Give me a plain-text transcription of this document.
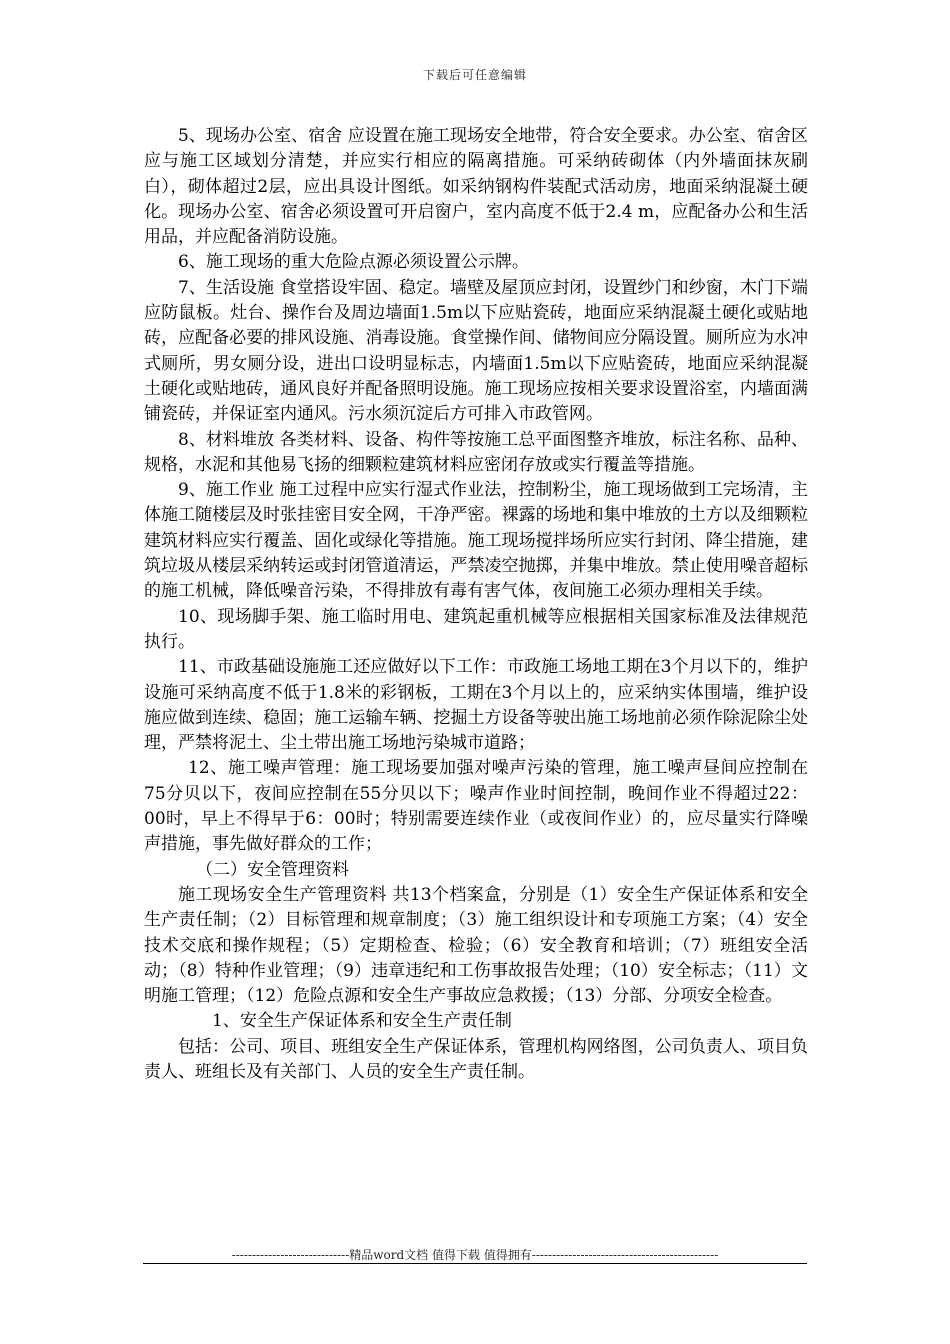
下载后可任意编辑

5、现场办公室、宿舍 应设置在施工现场安全地带，符合安全要求。办公室、宿舍区应与施工区域划分清楚，并应实行相应的隔离措施。可采纳砖砌体（内外墙面抹灰刷白），砌体超过2层，应出具设计图纸。如采纳钢构件装配式活动房，地面采纳混凝土硬化。现场办公室、宿舍必须设置可开启窗户，室内高度不低于2.4 m，应配备办公和生活用品，并应配备消防设施。

6、施工现场的重大危险点源必须设置公示牌。

7、生活设施 食堂搭设牢固、稳定。墙壁及屋顶应封闭，设置纱门和纱窗，木门下端应防鼠板。灶台、操作台及周边墙面1.5m以下应贴瓷砖，地面应采纳混凝土硬化或贴地砖，应配备必要的排风设施、消毒设施。食堂操作间、储物间应分隔设置。厕所应为水冲式厕所，男女厕分设，进出口设明显标志，内墙面1.5m以下应贴瓷砖，地面应采纳混凝土硬化或贴地砖，通风良好并配备照明设施。施工现场应按相关要求设置浴室，内墙面满铺瓷砖，并保证室内通风。污水须沉淀后方可排入市政管网。

8、材料堆放 各类材料、设备、构件等按施工总平面图整齐堆放，标注名称、品种、规格，水泥和其他易飞扬的细颗粒建筑材料应密闭存放或实行覆盖等措施。

9、施工作业 施工过程中应实行湿式作业法，控制粉尘，施工现场做到工完场清，主体施工随楼层及时张挂密目安全网，干净严密。裸露的场地和集中堆放的土方以及细颗粒建筑材料应实行覆盖、固化或绿化等措施。施工现场搅拌场所应实行封闭、降尘措施，建筑垃圾从楼层采纳转运或封闭管道清运，严禁凌空抛掷，并集中堆放。禁止使用噪音超标的施工机械，降低噪音污染，不得排放有毒有害气体，夜间施工必须办理相关手续。

10、现场脚手架、施工临时用电、建筑起重机械等应根据相关国家标准及法律规范执行。

11、市政基础设施施工还应做好以下工作：市政施工场地工期在3个月以下的，维护设施可采纳高度不低于1.8米的彩钢板，工期在3个月以上的，应采纳实体围墙，维护设施应做到连续、稳固；施工运输车辆、挖掘土方设备等驶出施工场地前必须作除泥除尘处理，严禁将泥土、尘土带出施工场地污染城市道路；

12、施工噪声管理：施工现场要加强对噪声污染的管理，施工噪声昼间应控制在75分贝以下，夜间应控制在55分贝以下；噪声作业时间控制，晚间作业不得超过22：00时，早上不得早于6：00时；特别需要连续作业（或夜间作业）的，应尽量实行降噪声措施，事先做好群众的工作；

（二）安全管理资料

施工现场安全生产管理资料 共13个档案盒，分别是（1）安全生产保证体系和安全生产责任制；（2）目标管理和规章制度；（3）施工组织设计和专项施工方案；（4）安全技术交底和操作规程；（5）定期检查、检验；（6）安全教育和培训；（7）班组安全活动；（8）特种作业管理；（9）违章违纪和工伤事故报告处理；（10）安全标志；（11）文明施工管理；（12）危险点源和安全生产事故应急救援；（13）分部、分项安全检查。

1、安全生产保证体系和安全生产责任制

包括：公司、项目、班组安全生产保证体系，管理机构网络图，公司负责人、项目负责人、班组长及有关部门、人员的安全生产责任制。

-----------------------------精品word文档 值得下载 值得拥有----------------------------------------------
